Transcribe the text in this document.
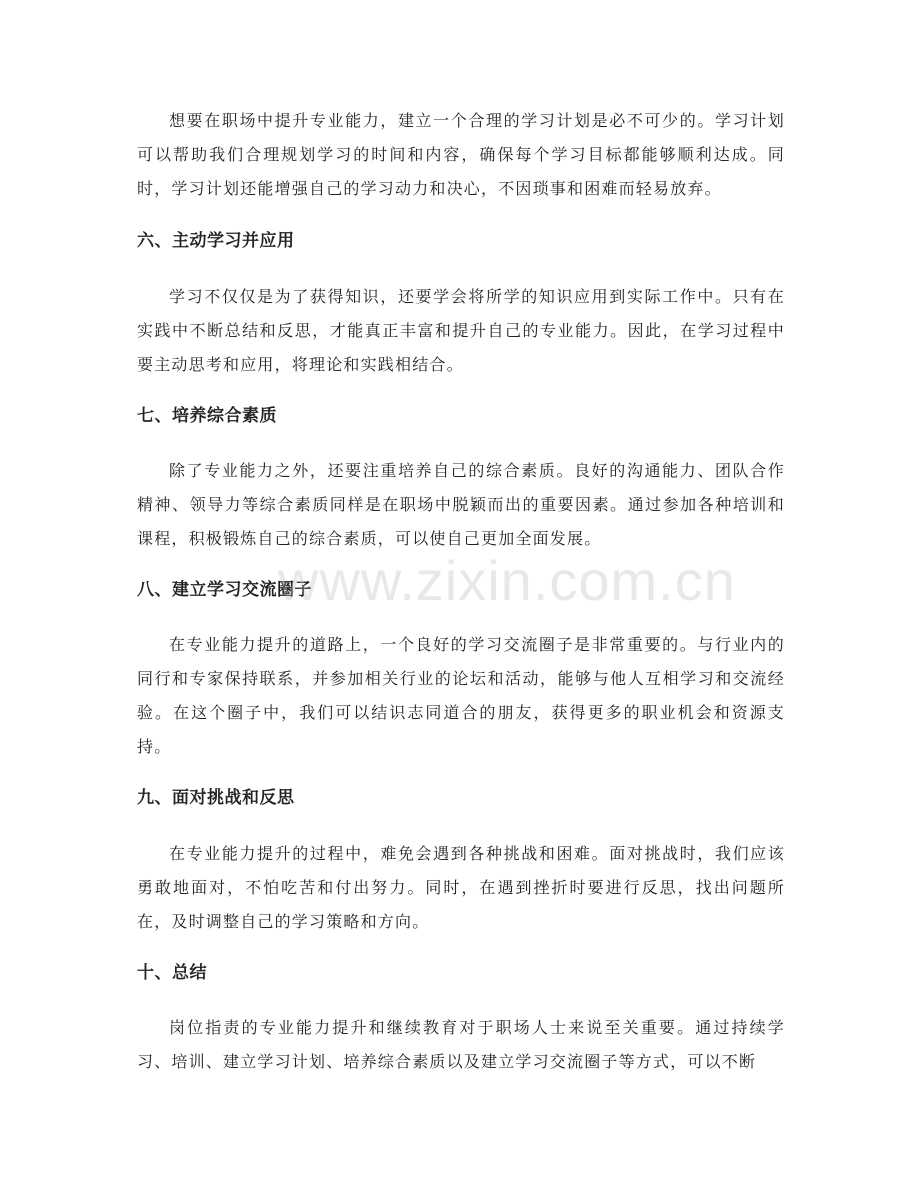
想要在职场中提升专业能力，建立一个合理的学习计划是必不可少的。学习计划可以帮助我们合理规划学习的时间和内容，确保每个学习目标都能够顺利达成。同时，学习计划还能增强自己的学习动力和决心，不因琐事和困难而轻易放弃。

六、主动学习并应用

学习不仅仅是为了获得知识，还要学会将所学的知识应用到实际工作中。只有在实践中不断总结和反思，才能真正丰富和提升自己的专业能力。因此，在学习过程中要主动思考和应用，将理论和实践相结合。

七、培养综合素质

除了专业能力之外，还要注重培养自己的综合素质。良好的沟通能力、团队合作精神、领导力等综合素质同样是在职场中脱颖而出的重要因素。通过参加各种培训和课程，积极锻炼自己的综合素质，可以使自己更加全面发展。

八、建立学习交流圈子

在专业能力提升的道路上，一个良好的学习交流圈子是非常重要的。与行业内的同行和专家保持联系，并参加相关行业的论坛和活动，能够与他人互相学习和交流经验。在这个圈子中，我们可以结识志同道合的朋友，获得更多的职业机会和资源支持。

九、面对挑战和反思

在专业能力提升的过程中，难免会遇到各种挑战和困难。面对挑战时，我们应该勇敢地面对，不怕吃苦和付出努力。同时，在遇到挫折时要进行反思，找出问题所在，及时调整自己的学习策略和方向。

十、总结

岗位指责的专业能力提升和继续教育对于职场人士来说至关重要。通过持续学习、培训、建立学习计划、培养综合素质以及建立学习交流圈子等方式，可以不断

www.zixin.com.cn
